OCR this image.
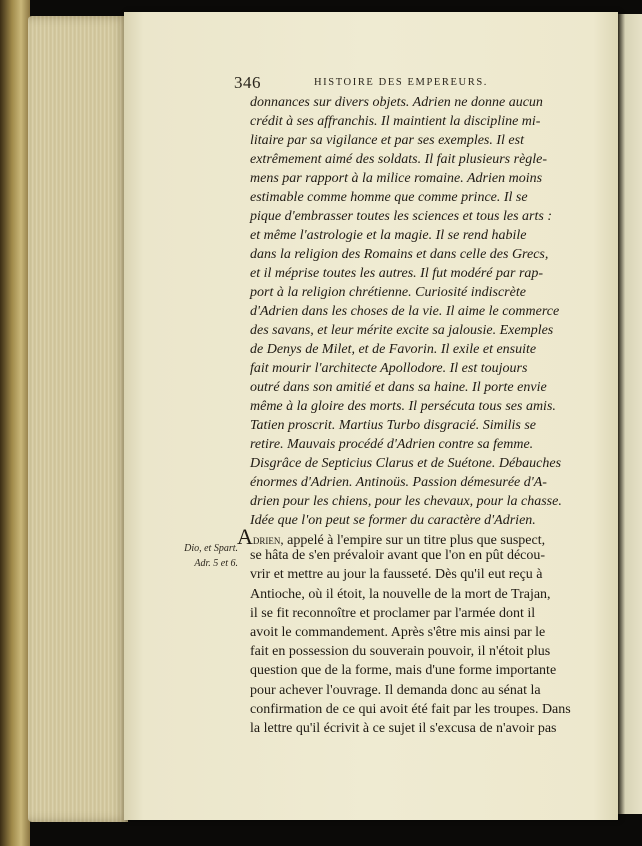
346	HISTOIRE DES EMPEREURS.
donnances sur divers objets. Adrien ne donne aucun
crédit à ses affranchis. Il maintient la discipline mi-
litaire par sa vigilance et par ses exemples. Il est
extrêmement aimé des soldats. Il fait plusieurs règle-
mens par rapport à la milice romaine. Adrien moins
estimable comme homme que comme prince. Il se
pique d'embrasser toutes les sciences et tous les arts :
et même l'astrologie et la magie. Il se rend habile
dans la religion des Romains et dans celle des Grecs,
et il méprise toutes les autres. Il fut modéré par rap-
port à la religion chrétienne. Curiosité indiscrète
d'Adrien dans les choses de la vie. Il aime le commerce
des savans, et leur mérite excite sa jalousie. Exemples
de Denys de Milet, et de Favorin. Il exile et ensuite
fait mourir l'architecte Apollodore. Il est toujours
outré dans son amitié et dans sa haine. Il porte envie
même à la gloire des morts. Il persécuta tous ses amis.
Tatien proscrit. Martius Turbo disgracié. Similis se
retire. Mauvais procédé d'Adrien contre sa femme.
Disgrâce de Septicius Clarus et de Suétone. Débauches
énormes d'Adrien. Antinoüs. Passion démesurée d'A-
drien pour les chiens, pour les chevaux, pour la chasse.
Idée que l'on peut se former du caractère d'Adrien.
Dio, et Spart.
Adr. 5 et 6.
Adrien, appelé à l'empire sur un titre plus que suspect,
se hâta de s'en prévaloir avant que l'on en pût décou-
vrir et mettre au jour la fausseté. Dès qu'il eut reçu à
Antioche, où il étoit, la nouvelle de la mort de Trajan,
il se fit reconnoître et proclamer par l'armée dont il
avoit le commandement. Après s'être mis ainsi par le
fait en possession du souverain pouvoir, il n'étoit plus
question que de la forme, mais d'une forme importante
pour achever l'ouvrage. Il demanda donc au sénat la
confirmation de ce qui avoit été fait par les troupes. Dans
la lettre qu'il écrivit à ce sujet il s'excusa de n'avoir pas
